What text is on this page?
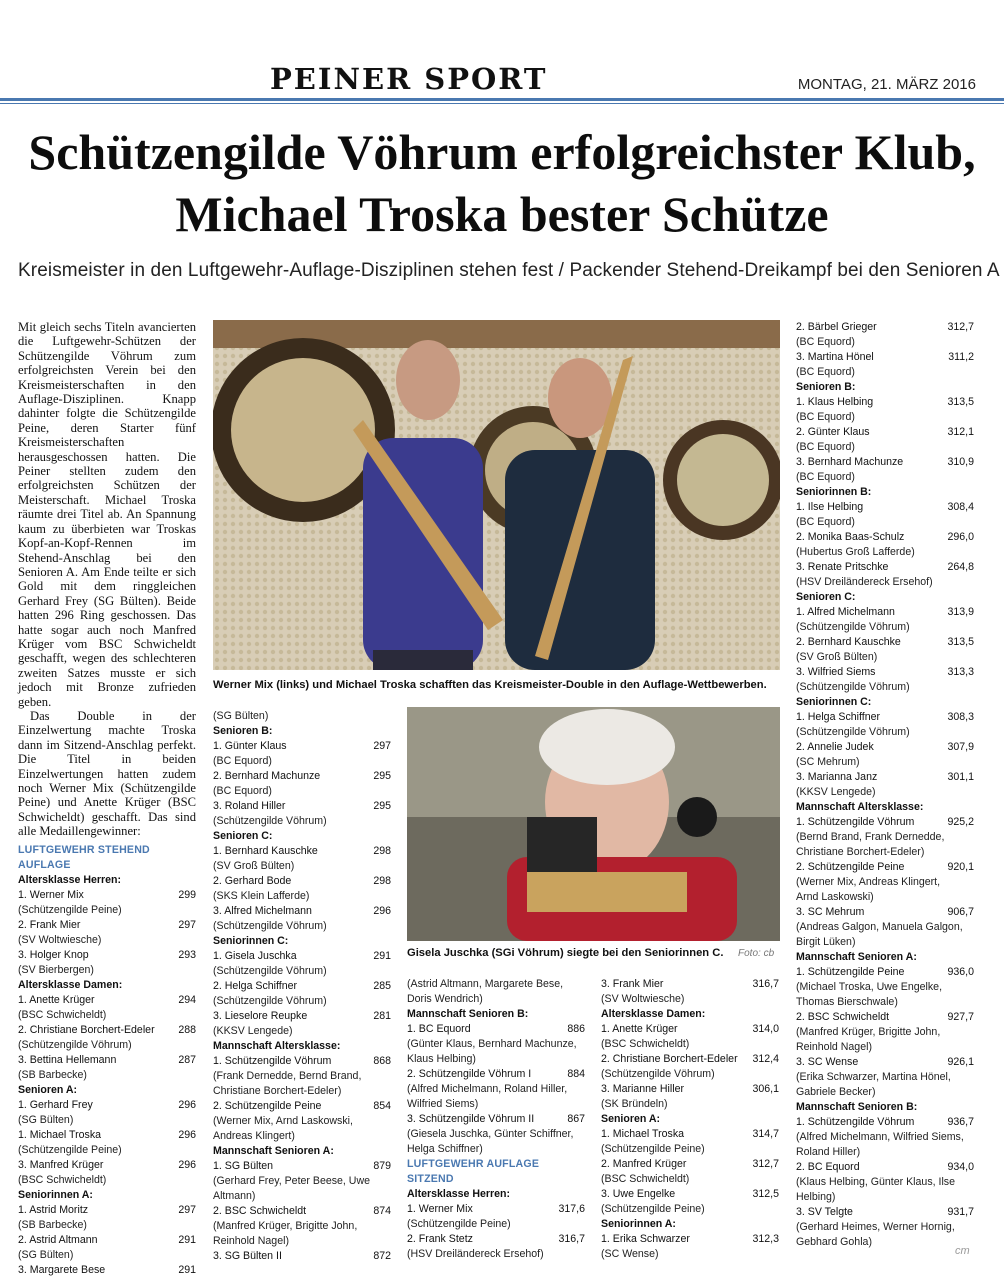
PEINER SPORT	MONTAG, 21. MÄRZ 2016
Schützengilde Vöhrum erfolgreichster Klub,
Michael Troska bester Schütze
Kreismeister in den Luftgewehr-Auflage-Disziplinen stehen fest / Packender Stehend-Dreikampf bei den Senioren A

Mit gleich sechs Titeln avancierten die Luftgewehr-Schützen der Schützengilde Vöhrum zum erfolgreichsten Verein bei den Kreismeisterschaften in den Auflage-Disziplinen. Knapp dahinter folgte die Schützengilde Peine, deren Starter fünf Kreismeisterschaften herausgeschossen hatten. Die Peiner stellten zudem den erfolgreichsten Schützen der Meisterschaft. Michael Troska räumte drei Titel ab. An Spannung kaum zu überbieten war Troskas Kopf-an-Kopf-Rennen im Stehend-Anschlag bei den Senioren A. Am Ende teilte er sich Gold mit dem ringgleichen Gerhard Frey (SG Bülten). Beide hatten 296 Ring geschossen. Das hatte sogar auch noch Manfred Krüger vom BSC Schwicheldt geschafft, wegen des schlechteren zweiten Satzes musste er sich jedoch mit Bronze zufrieden geben.

Das Double in der Einzelwertung machte Troska dann im Sitzend-Anschlag perfekt. Die Titel in beiden Einzelwertungen hatten zudem noch Werner Mix (Schützengilde Peine) und Anette Krüger (BSC Schwicheldt) geschafft. Das sind alle Medaillengewinner:

Werner Mix (links) und Michael Troska schafften das Kreismeister-Double in den Auflage-Wettbewerben.
Gisela Juschka (SGi Vöhrum) siegte bei den Seniorinnen C. Foto: cb
LUFTGEWEHR STEHEND AUFLAGE
Altersklasse Herren:
1. Werner Mix	299
(Schützengilde Peine)
2. Frank Mier	297
(SV Woltwiesche)
3. Holger Knop	293
(SV Bierbergen)
Altersklasse Damen:
1. Anette Krüger	294
(BSC Schwicheldt)
2. Christiane Borchert-Edeler 288
(Schützengilde Vöhrum)
3. Bettina Hellemann	287
(SB Barbecke)
Senioren A:
1. Gerhard Frey	296
(SG Bülten)
1. Michael Troska	296
(Schützengilde Peine)
3. Manfred Krüger	296
(BSC Schwicheldt)
Seniorinnen A:
1. Astrid Moritz	297
(SB Barbecke)
2. Astrid Altmann	291
(SG Bülten)
3. Margarete Bese	291
(SG Bülten)
Senioren B:
1. Günter Klaus	297
(BC Equord)
2. Bernhard Machunze	295
(BC Equord)
3. Roland Hiller	295
(Schützengilde Vöhrum)
Senioren C:
1. Bernhard Kauschke	298
(SV Groß Bülten)
2. Gerhard Bode	298
(SKS Klein Lafferde)
3. Alfred Michelmann	296
(Schützengilde Vöhrum)
Seniorinnen C:
1. Gisela Juschka	291
(Schützengilde Vöhrum)
2. Helga Schiffner	285
(Schützengilde Vöhrum)
3. Lieselore Reupke	281
(KKSV Lengede)
Mannschaft Altersklasse:
1. Schützengilde Vöhrum	868
(Frank Dernedde, Bernd Brand,
Christiane Borchert-Edeler)
2. Schützengilde Peine	854
(Werner Mix, Arnd Laskowski,
Andreas Klingert)
Mannschaft Senioren A:
1. SG Bülten	879
(Gerhard Frey, Peter Beese, Uwe
Altmann)
2. BSC Schwicheldt	874
(Manfred Krüger, Brigitte John,
Reinhold Nagel)
3. SG Bülten II	872
(Astrid Altmann, Margarete Bese,
Doris Wendrich)
Mannschaft Senioren B:
1. BC Equord	886
(Günter Klaus, Bernhard Machunze,
Klaus Helbing)
2. Schützengilde Vöhrum I	884
(Alfred Michelmann, Roland Hiller,
Wilfried Siems)
3. Schützengilde Vöhrum II	867
(Giesela Juschka, Günter Schiffner,
Helga Schiffner)
LUFTGEWEHR AUFLAGE SITZEND
Altersklasse Herren:
1. Werner Mix	317,6
(Schützengilde Peine)
2. Frank Stetz	316,7
(HSV Dreiländereck Ersehof)
3. Frank Mier	316,7
(SV Woltwiesche)
Altersklasse Damen:
1. Anette Krüger	314,0
(BSC Schwicheldt)
2. Christiane Borchert-Edeler 312,4
(Schützengilde Vöhrum)
3. Marianne Hiller	306,1
(SK Bründeln)
Senioren A:
1. Michael Troska	314,7
(Schützengilde Peine)
2. Manfred Krüger	312,7
(BSC Schwicheldt)
3. Uwe Engelke	312,5
(Schützengilde Peine)
Seniorinnen A:
1. Erika Schwarzer	312,3
(SC Wense)
2. Bärbel Grieger	312,7
(BC Equord)
3. Martina Hönel	311,2
(BC Equord)
Senioren B:
1. Klaus Helbing	313,5
(BC Equord)
2. Günter Klaus	312,1
(BC Equord)
3. Bernhard Machunze	310,9
(BC Equord)
Seniorinnen B:
1. Ilse Helbing	308,4
(BC Equord)
2. Monika Baas-Schulz	296,0
(Hubertus Groß Lafferde)
3. Renate Pritschke	264,8
(HSV Dreiländereck Ersehof)
Senioren C:
1. Alfred Michelmann	313,9
(Schützengilde Vöhrum)
2. Bernhard Kauschke	313,5
(SV Groß Bülten)
3. Wilfried Siems	313,3
(Schützengilde Vöhrum)
Seniorinnen C:
1. Helga Schiffner	308,3
(Schützengilde Vöhrum)
2. Annelie Judek	307,9
(SC Mehrum)
3. Marianna Janz	301,1
(KKSV Lengede)
Mannschaft Altersklasse:
1. Schützengilde Vöhrum	925,2
(Bernd Brand, Frank Dernedde,
Christiane Borchert-Edeler)
2. Schützengilde Peine	920,1
(Werner Mix, Andreas Klingert,
Arnd Laskowski)
3. SC Mehrum	906,7
(Andreas Galgon, Manuela Galgon,
Birgit Lüken)
Mannschaft Senioren A:
1. Schützengilde Peine	936,0
(Michael Troska, Uwe Engelke,
Thomas Bierschwale)
2. BSC Schwicheldt	927,7
(Manfred Krüger, Brigitte John,
Reinhold Nagel)
3. SC Wense	926,1
(Erika Schwarzer, Martina Hönel,
Gabriele Becker)
Mannschaft Senioren B:
1. Schützengilde Vöhrum	936,7
(Alfred Michelmann, Wilfried Siems,
Roland Hiller)
2. BC Equord	934,0
(Klaus Helbing, Günter Klaus, Ilse
Helbing)
3. SV Telgte	931,7
(Gerhard Heimes, Werner Hornig,
Gebhard Gohla)
cm
